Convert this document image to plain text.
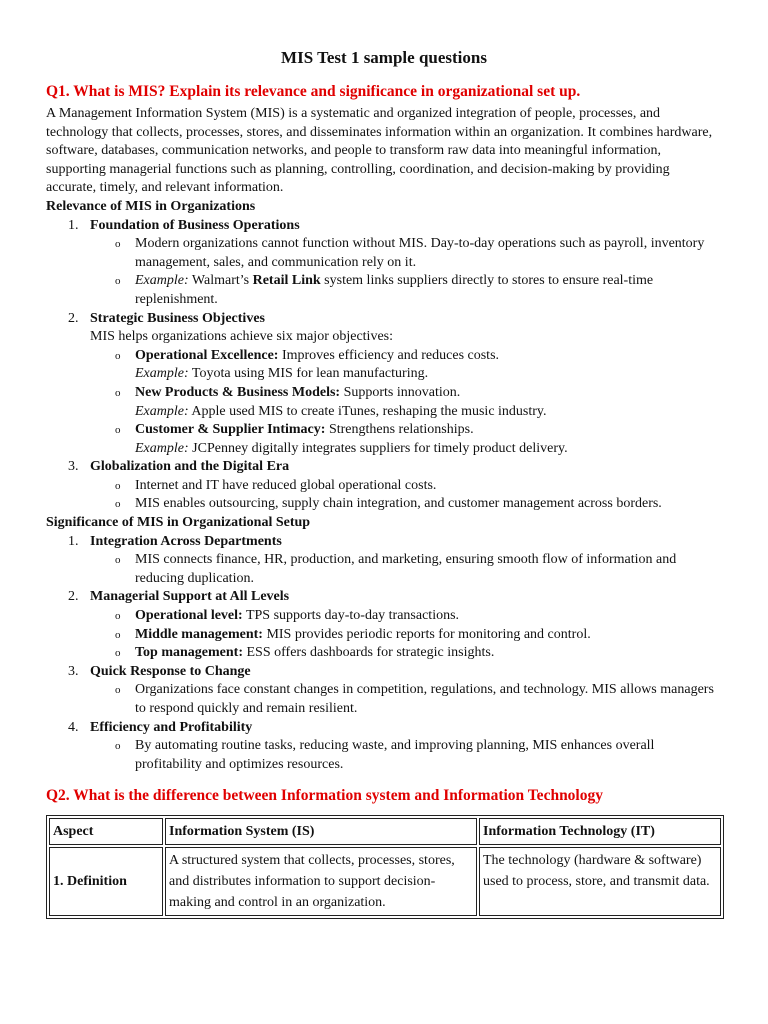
MIS Test 1 sample questions
Q1. What is MIS? Explain its relevance and significance in organizational set up.

A Management Information System (MIS) is a systematic and organized integration of people, processes, and technology that collects, processes, stores, and disseminates information within an organization. It combines hardware, software, databases, communication networks, and people to transform raw data into meaningful information, supporting managerial functions such as planning, controlling, coordination, and decision-making by providing accurate, timely, and relevant information.

Relevance of MIS in Organizations
1. Foundation of Business Operations
o Modern organizations cannot function without MIS. Day-to-day operations such as payroll, inventory management, sales, and communication rely on it.
o Example: Walmart’s Retail Link system links suppliers directly to stores to ensure real-time replenishment.
2. Strategic Business Objectives
MIS helps organizations achieve six major objectives:
o Operational Excellence: Improves efficiency and reduces costs.
Example: Toyota using MIS for lean manufacturing.
o New Products & Business Models: Supports innovation.
Example: Apple used MIS to create iTunes, reshaping the music industry.
o Customer & Supplier Intimacy: Strengthens relationships.
Example: JCPenney digitally integrates suppliers for timely product delivery.
3. Globalization and the Digital Era
o Internet and IT have reduced global operational costs.
o MIS enables outsourcing, supply chain integration, and customer management across borders.
Significance of MIS in Organizational Setup
1. Integration Across Departments
o MIS connects finance, HR, production, and marketing, ensuring smooth flow of information and reducing duplication.
2. Managerial Support at All Levels
o Operational level: TPS supports day-to-day transactions.
o Middle management: MIS provides periodic reports for monitoring and control.
o Top management: ESS offers dashboards for strategic insights.
3. Quick Response to Change
o Organizations face constant changes in competition, regulations, and technology. MIS allows managers to respond quickly and remain resilient.
4. Efficiency and Profitability
o By automating routine tasks, reducing waste, and improving planning, MIS enhances overall profitability and optimizes resources.
Q2. What is the difference between Information system and Information Technology
Aspect	Information System (IS)	Information Technology (IT)
1. Definition	A structured system that collects, processes, stores, and distributes information to support decision-making and control in an organization.	The technology (hardware & software) used to process, store, and transmit data.
